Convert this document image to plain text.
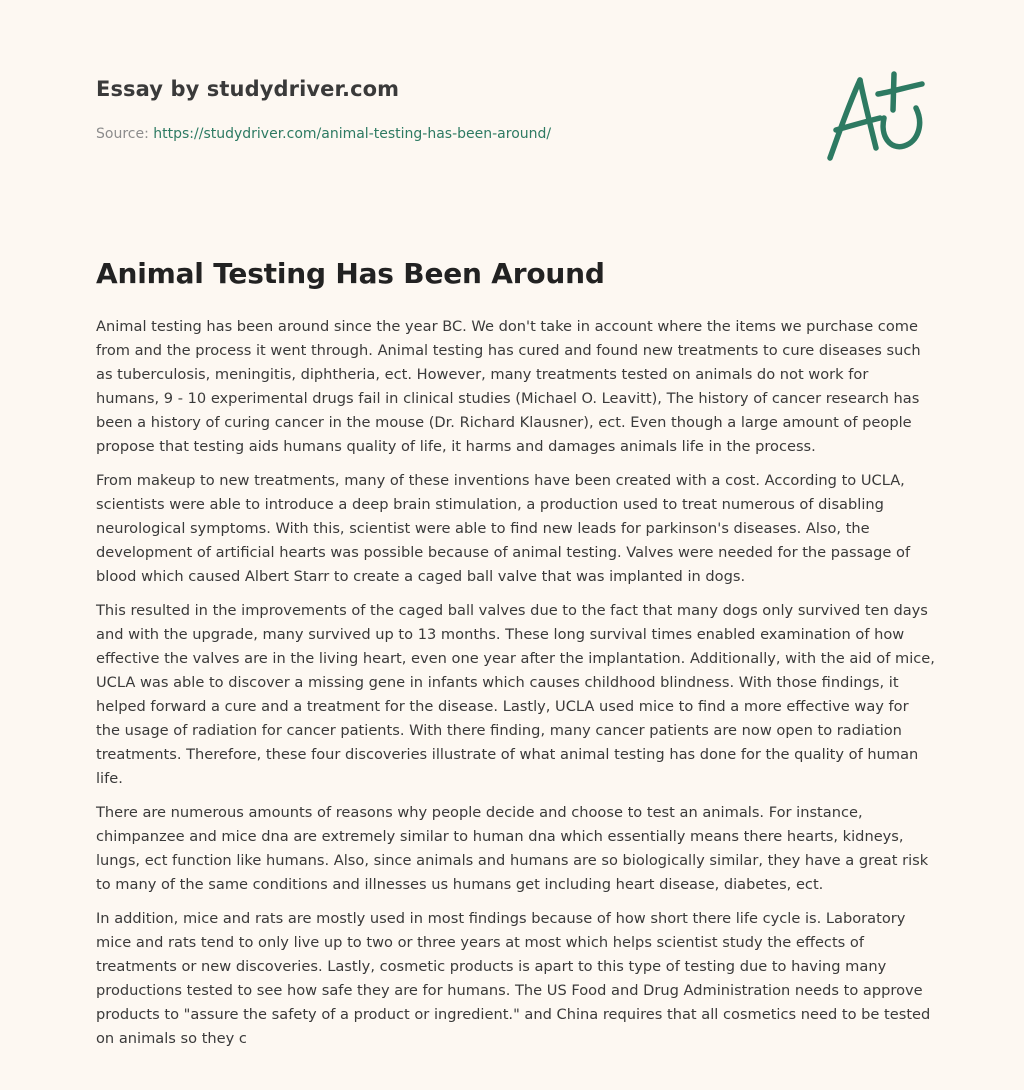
Essay by studydriver.com
Source: https://studydriver.com/animal-testing-has-been-around/
Animal Testing Has Been Around

Animal testing has been around since the year BC. We don't take in account where the items we purchase come from and the process it went through. Animal testing has cured and found new treatments to cure diseases such as tuberculosis, meningitis, diphtheria, ect. However, many treatments tested on animals do not work for humans, 9 - 10 experimental drugs fail in clinical studies (Michael O. Leavitt), The history of cancer research has been a history of curing cancer in the mouse (Dr. Richard Klausner), ect. Even though a large amount of people propose that testing aids humans quality of life, it harms and damages animals life in the process.

From makeup to new treatments, many of these inventions have been created with a cost. According to UCLA, scientists were able to introduce a deep brain stimulation, a production used to treat numerous of disabling neurological symptoms. With this, scientist were able to find new leads for parkinson's diseases. Also, the development of artificial hearts was possible because of animal testing. Valves were needed for the passage of blood which caused Albert Starr to create a caged ball valve that was implanted in dogs.

This resulted in the improvements of the caged ball valves due to the fact that many dogs only survived ten days and with the upgrade, many survived up to 13 months. These long survival times enabled examination of how effective the valves are in the living heart, even one year after the implantation. Additionally, with the aid of mice, UCLA was able to discover a missing gene in infants which causes childhood blindness. With those findings, it helped forward a cure and a treatment for the disease. Lastly, UCLA used mice to find a more effective way for the usage of radiation for cancer patients. With there finding, many cancer patients are now open to radiation treatments. Therefore, these four discoveries illustrate of what animal testing has done for the quality of human life.

There are numerous amounts of reasons why people decide and choose to test an animals. For instance, chimpanzee and mice dna are extremely similar to human dna which essentially means there hearts, kidneys, lungs, ect function like humans. Also, since animals and humans are so biologically similar, they have a great risk to many of the same conditions and illnesses us humans get including heart disease, diabetes, ect.

In addition, mice and rats are mostly used in most findings because of how short there life cycle is. Laboratory mice and rats tend to only live up to two or three years at most which helps scientist study the effects of treatments or new discoveries. Lastly, cosmetic products is apart to this type of testing due to having many productions tested to see how safe they are for humans. The US Food and Drug Administration needs to approve products to "assure the safety of a product or ingredient." and China requires that all cosmetics need to be tested on animals so they c
